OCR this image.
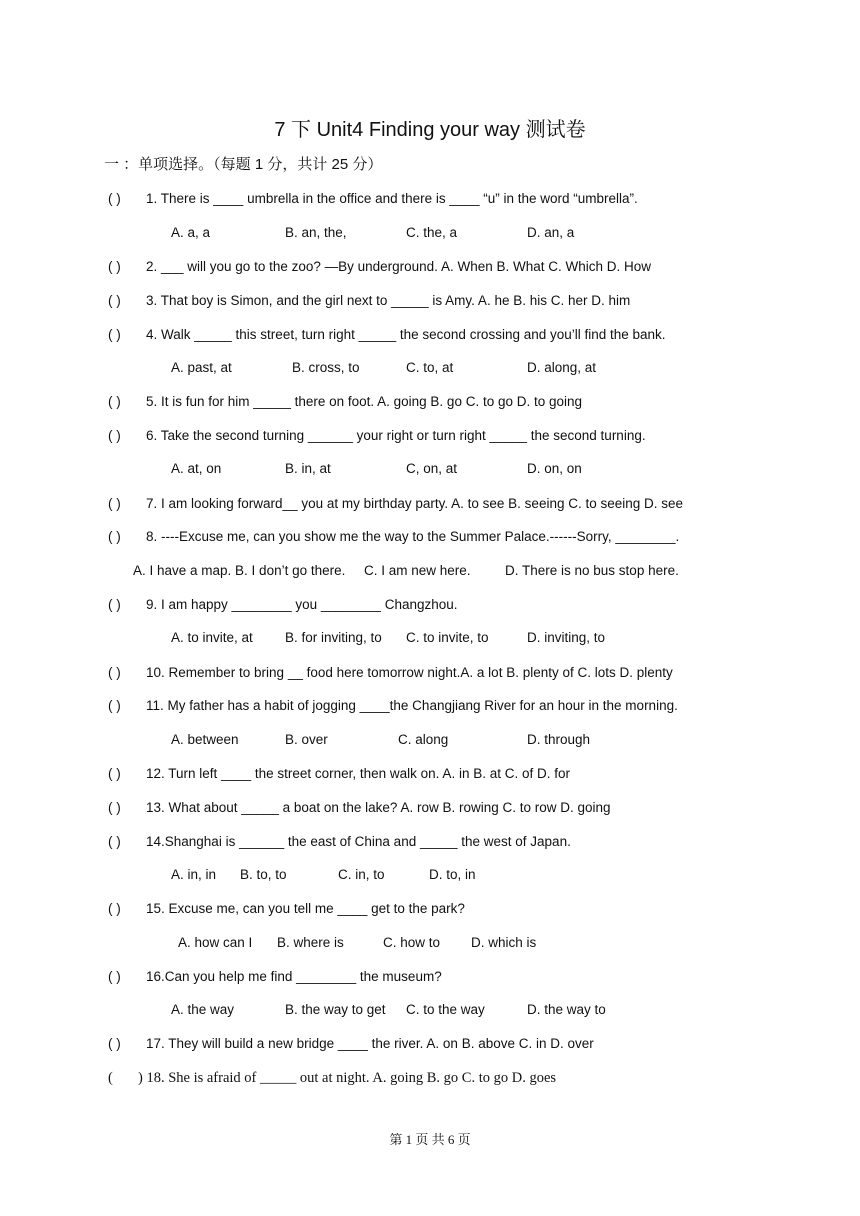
7 下 Unit4 Finding your way 测试卷
一 ：单项选择。（每题 1 分，共计 25 分）
( ) 1. There is ____ umbrella in the office and there is ____ “u” in the word “umbrella”.
A. a, a	B. an, the,	C. the, a	D. an, a
( ) 2. ___ will you go to the zoo? —By underground. A. When B. What C. Which D. How
( ) 3. That boy is Simon, and the girl next to _____ is Amy. A. he B. his C. her D. him
( ) 4. Walk _____ this street, turn right _____ the second crossing and you’ll find the bank.
A. past, at	B. cross, to	C. to, at	D. along, at
( ) 5. It is fun for him _____ there on foot. A. going B. go C. to go D. to going
( ) 6. Take the second turning ______ your right or turn right _____ the second turning.
A. at, on	B. in, at	C, on, at	D. on, on
( ) 7. I am looking forward__ you at my birthday party. A. to see B. seeing C. to seeing D. see
( ) 8. ----Excuse me, can you show me the way to the Summer Palace.------Sorry, ________.
A. I have a map. B. I don’t go there. C. I am new here.	D. There is no bus stop here.
( ) 9. I am happy ________ you ________ Changzhou.
A. to invite, at B. for inviting, to C. to invite, to	D. inviting, to
( ) 10. Remember to bring __ food here tomorrow night.A. a lot B. plenty of C. lots D. plenty
( ) 11. My father has a habit of jogging ____the Changjiang River for an hour in the morning.
A. between	B. over	C. along	D. through
( ) 12. Turn left ____ the street corner, then walk on. A. in B. at C. of D. for
( ) 13. What about _____ a boat on the lake? A. row B. rowing C. to row D. going
( ) 14.Shanghai is ______ the east of China and _____ the west of Japan.
A. in, in B. to, to	C. in, to	D. to, in
( ) 15. Excuse me, can you tell me ____ get to the park?
A. how can I B. where is	C. how to D. which is
( ) 16.Can you help me find ________ the museum?
A. the way	B. the way to get C. to the way	D. the way to
( ) 17. They will build a new bridge ____ the river. A. on B. above C. in D. over
( ) 18. She is afraid of _____ out at night. A. going B. go C. to go D. goes
第 1 页 共 6 页
